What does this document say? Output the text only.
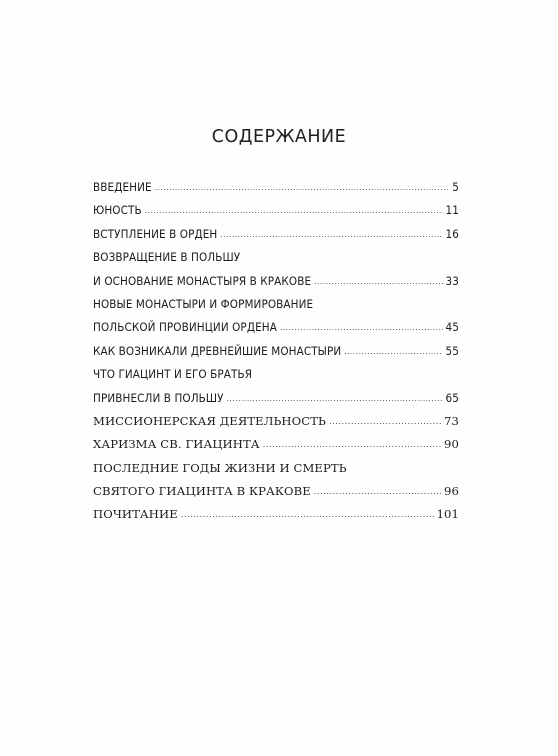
СОДЕРЖАНИЕ
ВВЕДЕНИЕ .....	5
ЮНОСТЬ .....	11
ВСТУПЛЕНИЕ В ОРДЕН .....	16
ВОЗВРАЩЕНИЕ В ПОЛЬШУ
И ОСНОВАНИЕ МОНАСТЫРЯ В КРАКОВЕ .....	33
НОВЫЕ МОНАСТЫРИ И ФОРМИРОВАНИЕ
ПОЛЬСКОЙ ПРОВИНЦИИ ОРДЕНА .....	45
КАК ВОЗНИКАЛИ ДРЕВНЕЙШИЕ МОНАСТЫРИ .....	55
ЧТО ГИАЦИНТ И ЕГО БРАТЬЯ
ПРИВНЕСЛИ В ПОЛЬШУ .....	65
МИССИОНЕРСКАЯ ДЕЯТЕЛЬНОСТЬ .....	73
ХАРИЗМА СВ. ГИАЦИНТА .....	90
ПОСЛЕДНИЕ ГОДЫ ЖИЗНИ И СМЕРТЬ
СВЯТОГО ГИАЦИНТА В КРАКОВЕ .....	96
ПОЧИТАНИЕ .....	101
